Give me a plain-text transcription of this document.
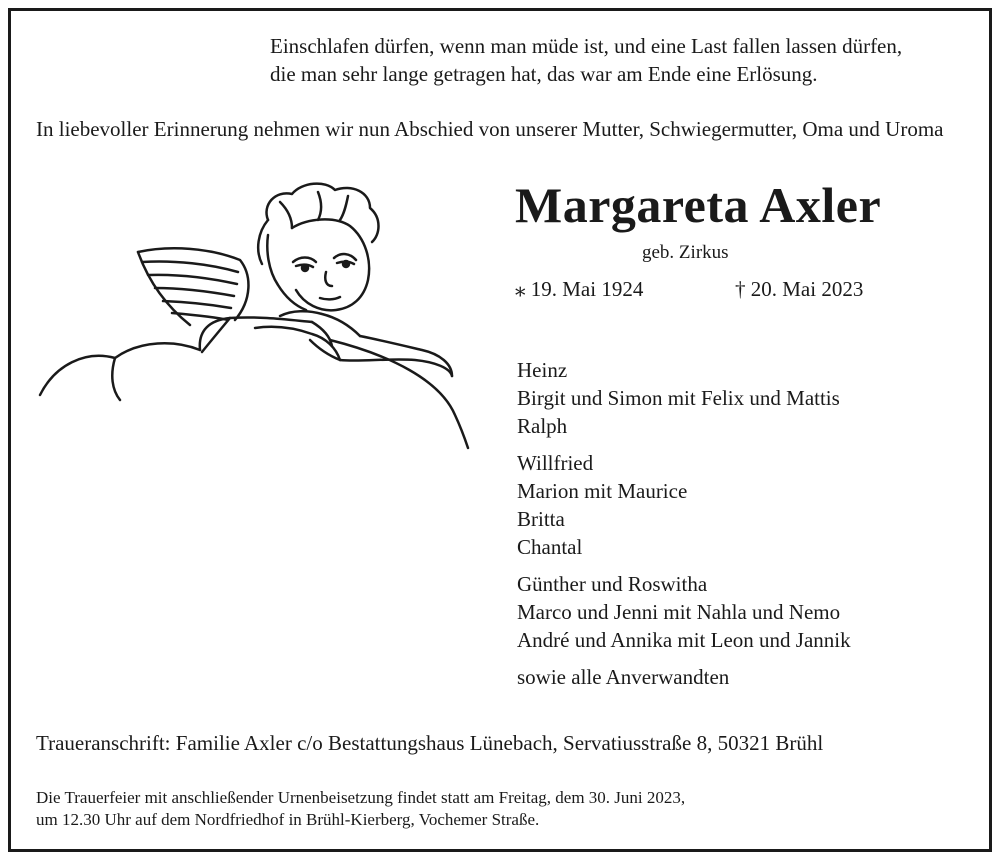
Einschlafen dürfen, wenn man müde ist, und eine Last fallen lassen dürfen,
die man sehr lange getragen hat, das war am Ende eine Erlösung.
In liebevoller Erinnerung nehmen wir nun Abschied von unserer Mutter, Schwiegermutter, Oma und Uroma
Margareta Axler
geb. Zirkus
⁎ 19. Mai 1924	† 20. Mai 2023
Heinz
Birgit und Simon mit Felix und Mattis
Ralph
Willfried
Marion mit Maurice
Britta
Chantal
Günther und Roswitha
Marco und Jenni mit Nahla und Nemo
André und Annika mit Leon und Jannik
sowie alle Anverwandten
Traueranschrift: Familie Axler c/o Bestattungshaus Lünebach, Servatiusstraße 8, 50321 Brühl
Die Trauerfeier mit anschließender Urnenbeisetzung findet statt am Freitag, dem 30. Juni 2023,
um 12.30 Uhr auf dem Nordfriedhof in Brühl-Kierberg, Vochemer Straße.
